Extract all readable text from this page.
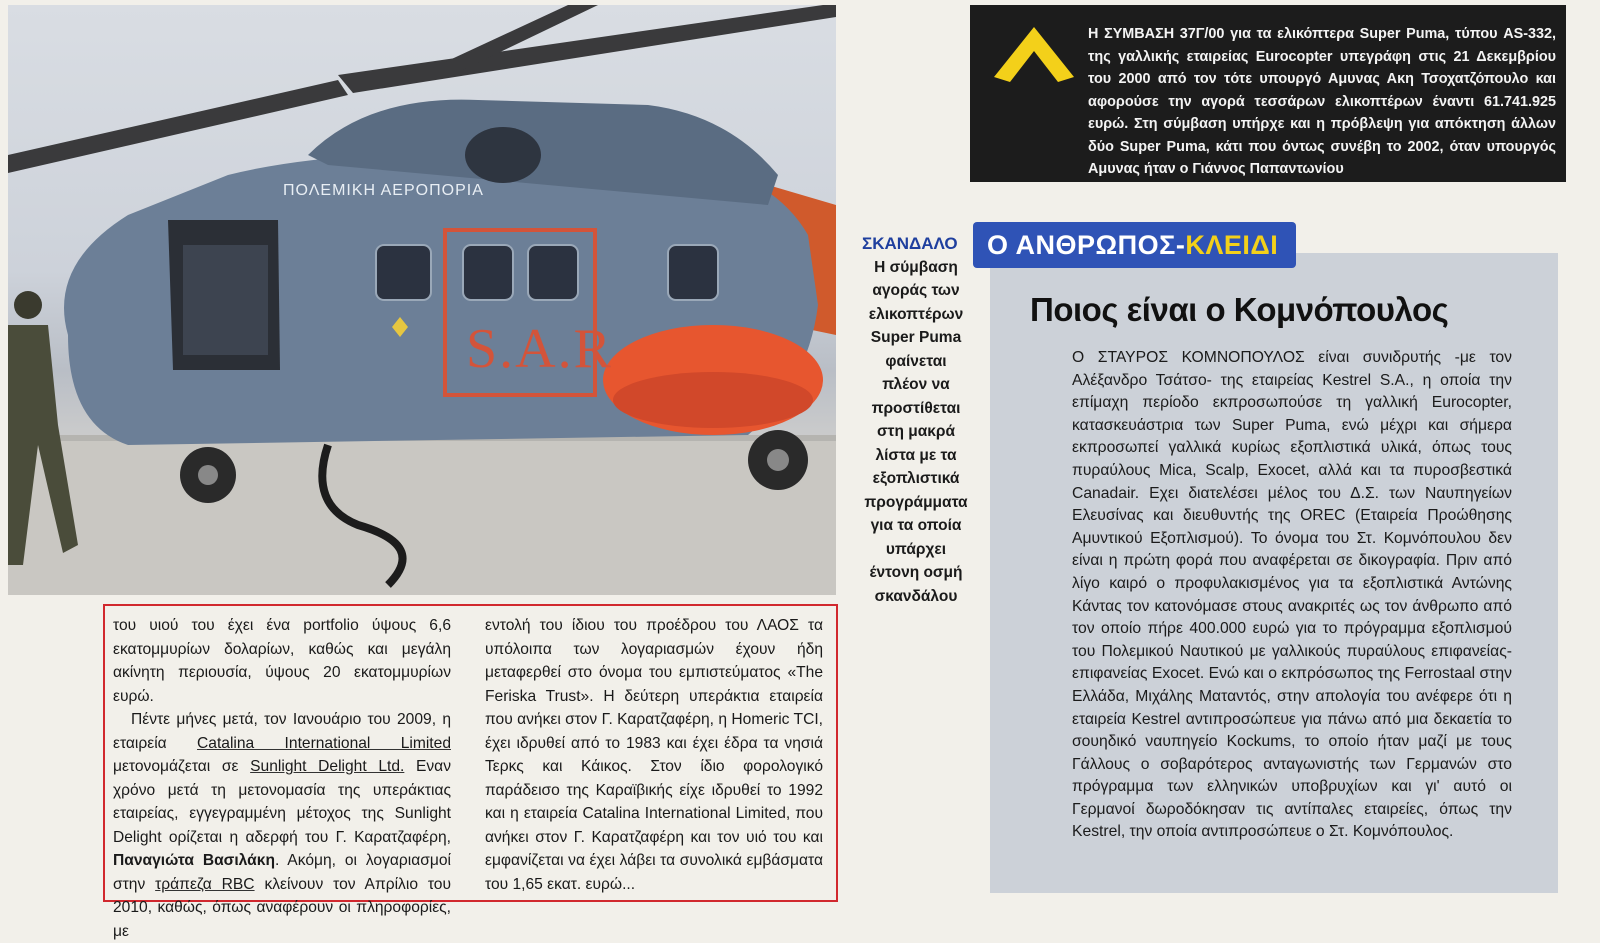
ΠΟΛΕΜΙΚΗ ΑΕΡΟΠΟΡΙΑ
S.A.R
ΣΚΑΝΔΑΛΟ
Η σύμβαση
αγοράς των
ελικοπτέρων
Super Puma
φαίνεται
πλέον να
προστίθεται
στη μακρά
λίστα με τα
εξοπλιστικά
προγράμματα
για τα οποία
υπάρχει
έντονη οσμή
σκανδάλου

του υιού του έχει ένα portfolio ύψους 6,6 εκατομμυρίων δολαρίων, καθώς και μεγάλη ακίνητη περιουσία, ύψους 20 εκατομμυρίων ευρώ.

Πέντε μήνες μετά, τον Ιανουάριο του 2009, η εταιρεία Catalina International Limited μετονομάζεται σε Sunlight Delight Ltd. Εναν χρόνο μετά τη μετονομασία της υπεράκτιας εταιρείας, εγγεγραμμένη μέτοχος της Sunlight Delight ορίζεται η αδερφή του Γ. Καρατζαφέρη, Παναγιώτα Βασιλάκη. Ακόμη, οι λογαριασμοί στην τράπεζα RBC κλείνουν τον Απρίλιο του 2010, καθώς, όπως αναφέρουν οι πληροφορίες, με

εντολή του ίδιου του προέδρου του ΛΑΟΣ τα υπόλοιπα των λογαριασμών έχουν ήδη μεταφερθεί στο όνομα του εμπιστεύματος «The Feriska Trust». Η δεύτερη υπεράκτια εταιρεία που ανήκει στον Γ. Καρατζαφέρη, η Homeric TCI, έχει ιδρυθεί από το 1983 και έχει έδρα τα νησιά Τερκς και Κάικος. Στον ίδιο φορολογικό παράδεισο της Καραϊβικής είχε ιδρυθεί το 1992 και η εταιρεία Catalina International Limited, που ανήκει στον Γ. Καρατζαφέρη και τον υιό του και εμφανίζεται να έχει λάβει τα συνολικά εμβάσματα του 1,65 εκατ. ευρώ...

Η ΣΥΜΒΑΣΗ 37Γ/00 για τα ελικόπτερα Super Puma, τύπου AS-332, της γαλλικής εταιρείας Eurocopter υπεγράφη στις 21 Δεκεμβρίου του 2000 από τον τότε υπουργό Αμυνας Ακη Τσοχατζόπουλο και αφορούσε την αγορά τεσσάρων ελικοπτέρων έναντι 61.741.925 ευρώ. Στη σύμβαση υπήρχε και η πρόβλεψη για απόκτηση άλλων δύο Super Puma, κάτι που όντως συνέβη το 2002, όταν υπουργός Αμυνας ήταν ο Γιάννος Παπαντωνίου
Ποιος είναι ο Κομνόπουλος
Ο ΣΤΑΥΡΟΣ ΚΟΜΝΟΠΟΥΛΟΣ είναι συνιδρυτής -με τον Αλέξανδρο Τσάτσο- της εταιρείας Kestrel S.A., η οποία την επίμαχη περίοδο εκπροσωπούσε τη γαλλική Eurocopter, κατασκευάστρια των Super Puma, ενώ μέχρι και σήμερα εκπροσωπεί γαλλικά κυρίως εξοπλιστικά υλικά, όπως τους πυραύλους Mica, Scalp, Exocet, αλλά και τα πυροσβεστικά Canadair. Εχει διατελέσει μέλος του Δ.Σ. των Ναυπηγείων Ελευσίνας και διευθυντής της OREC (Εταιρεία Προώθησης Αμυντικού Εξοπλισμού). Το όνομα του Στ. Κομνόπουλου δεν είναι η πρώτη φορά που αναφέρεται σε δικογραφία. Πριν από λίγο καιρό ο προφυλακισμένος για τα εξοπλιστικά Αντώνης Κάντας τον κατονόμασε στους ανακριτές ως τον άνθρωπο από τον οποίο πήρε 400.000 ευρώ για το πρόγραμμα εξοπλισμού του Πολεμικού Ναυτικού με γαλλικούς πυραύλους επιφανείας-επιφανείας Exocet. Ενώ και ο εκπρόσωπος της Ferrostaal στην Ελλάδα, Μιχάλης Ματαντός, στην απολογία του ανέφερε ότι η εταιρεία Kestrel αντιπροσώπευε για πάνω από μια δεκαετία το σουηδικό ναυπηγείο Kockums, το οποίο ήταν μαζί με τους Γάλλους ο σοβαρότερος ανταγωνιστής των Γερμανών στο πρόγραμμα των ελληνικών υποβρυχίων και γι' αυτό οι Γερμανοί δωροδόκησαν τις αντίπαλες εταιρείες, όπως την Kestrel, την οποία αντιπροσώπευε ο Στ. Κομνόπουλος.
Ο ΑΝΘΡΩΠΟΣ- ΚΛΕΙΔΙ
